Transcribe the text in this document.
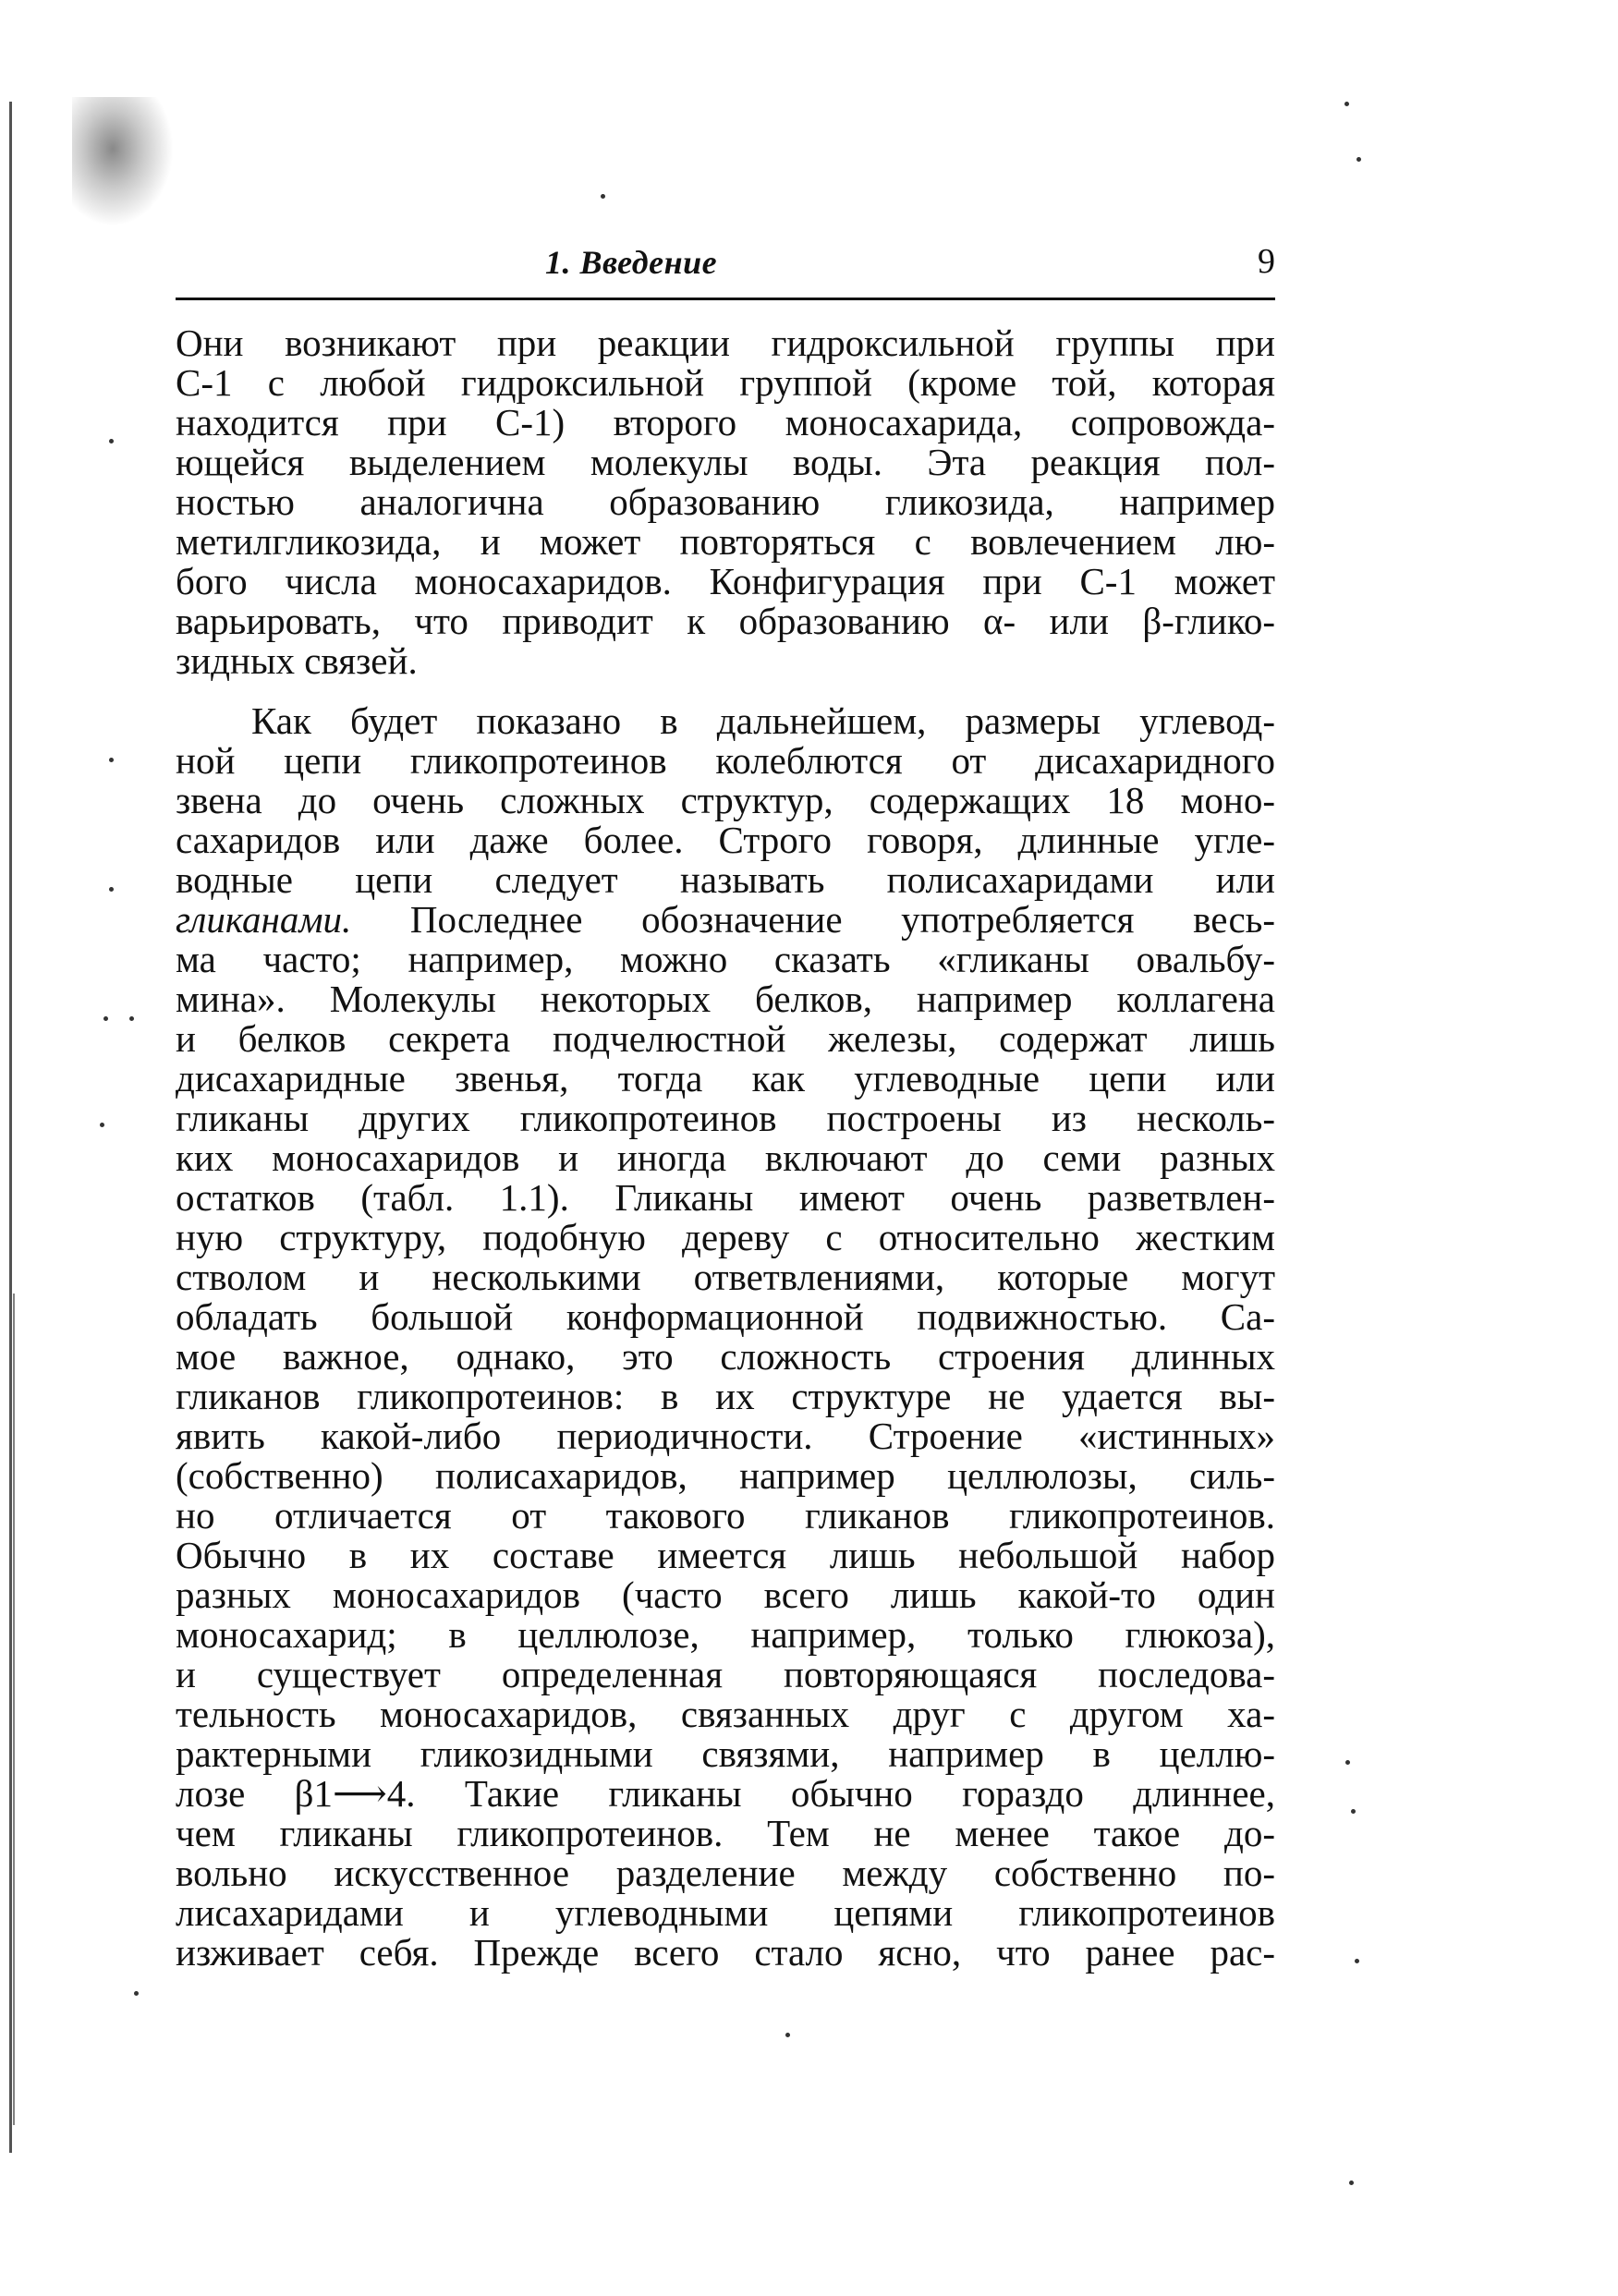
1. Введение	9
Они возникают при реакции гидроксильной группы при
С-1 с любой гидроксильной группой (кроме той, которая
находится при С-1) второго моносахарида, сопровожда-
ющейся выделением молекулы воды. Эта реакция пол-
ностью аналогична образованию гликозида, например
метилгликозида, и может повторяться с вовлечением лю-
бого числа моносахаридов. Конфигурация при С-1 может
варьировать, что приводит к образованию α- или β-глико-
зидных связей.
Как будет показано в дальнейшем, размеры углевод-
ной цепи гликопротеинов колеблются от дисахаридного
звена до очень сложных структур, содержащих 18 моно-
сахаридов или даже более. Строго говоря, длинные угле-
водные цепи следует называть полисахаридами или
гликанами. Последнее обозначение употребляется весь-
ма часто; например, можно сказать «гликаны овальбу-
мина». Молекулы некоторых белков, например коллагена
и белков секрета подчелюстной железы, содержат лишь
дисахаридные звенья, тогда как углеводные цепи или
гликаны других гликопротеинов построены из несколь-
ких моносахаридов и иногда включают до семи разных
остатков (табл. 1.1). Гликаны имеют очень разветвлен-
ную структуру, подобную дереву с относительно жестким
стволом и несколькими ответвлениями, которые могут
обладать большой конформационной подвижностью. Са-
мое важное, однако, это сложность строения длинных
гликанов гликопротеинов: в их структуре не удается вы-
явить какой-либо периодичности. Строение «истинных»
(собственно) полисахаридов, например целлюлозы, силь-
но отличается от такового гликанов гликопротеинов.
Обычно в их составе имеется лишь небольшой набор
разных моносахаридов (часто всего лишь какой-то один
моносахарид; в целлюлозе, например, только глюкоза),
и существует определенная повторяющаяся последова-
тельность моносахаридов, связанных друг с другом ха-
рактерными гликозидными связями, например в целлю-
лозе β1⟶4. Такие гликаны обычно гораздо длиннее,
чем гликаны гликопротеинов. Тем не менее такое до-
вольно искусственное разделение между собственно по-
лисахаридами и углеводными цепями гликопротеинов
изживает себя. Прежде всего стало ясно, что ранее рас-
